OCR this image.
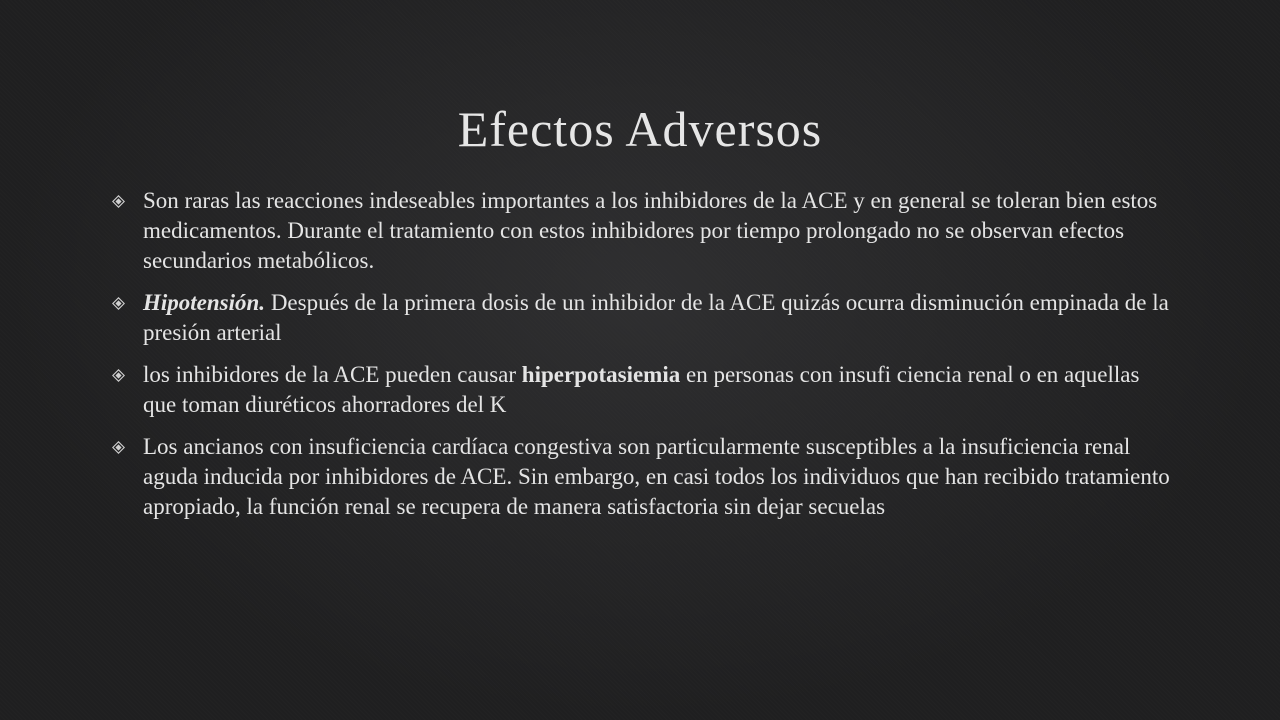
Efectos Adversos
Son raras las reacciones indeseables importantes a los inhibidores de la ACE y en general se toleran bien estos medicamentos. Durante el tratamiento con estos inhibidores por tiempo prolongado no se observan efectos secundarios metabólicos.
Hipotensión. Después de la primera dosis de un inhibidor de la ACE quizás ocurra disminución empinada de la presión arterial
los inhibidores de la ACE pueden causar hiperpotasiemia en personas con insufi ciencia renal o en aquellas que toman diuréticos ahorradores del K
Los ancianos con insuficiencia cardíaca congestiva son particularmente susceptibles a la insuficiencia renal aguda inducida por inhibidores de ACE. Sin embargo, en casi todos los individuos que han recibido tratamiento apropiado, la función renal se recupera de manera satisfactoria sin dejar secuelas
